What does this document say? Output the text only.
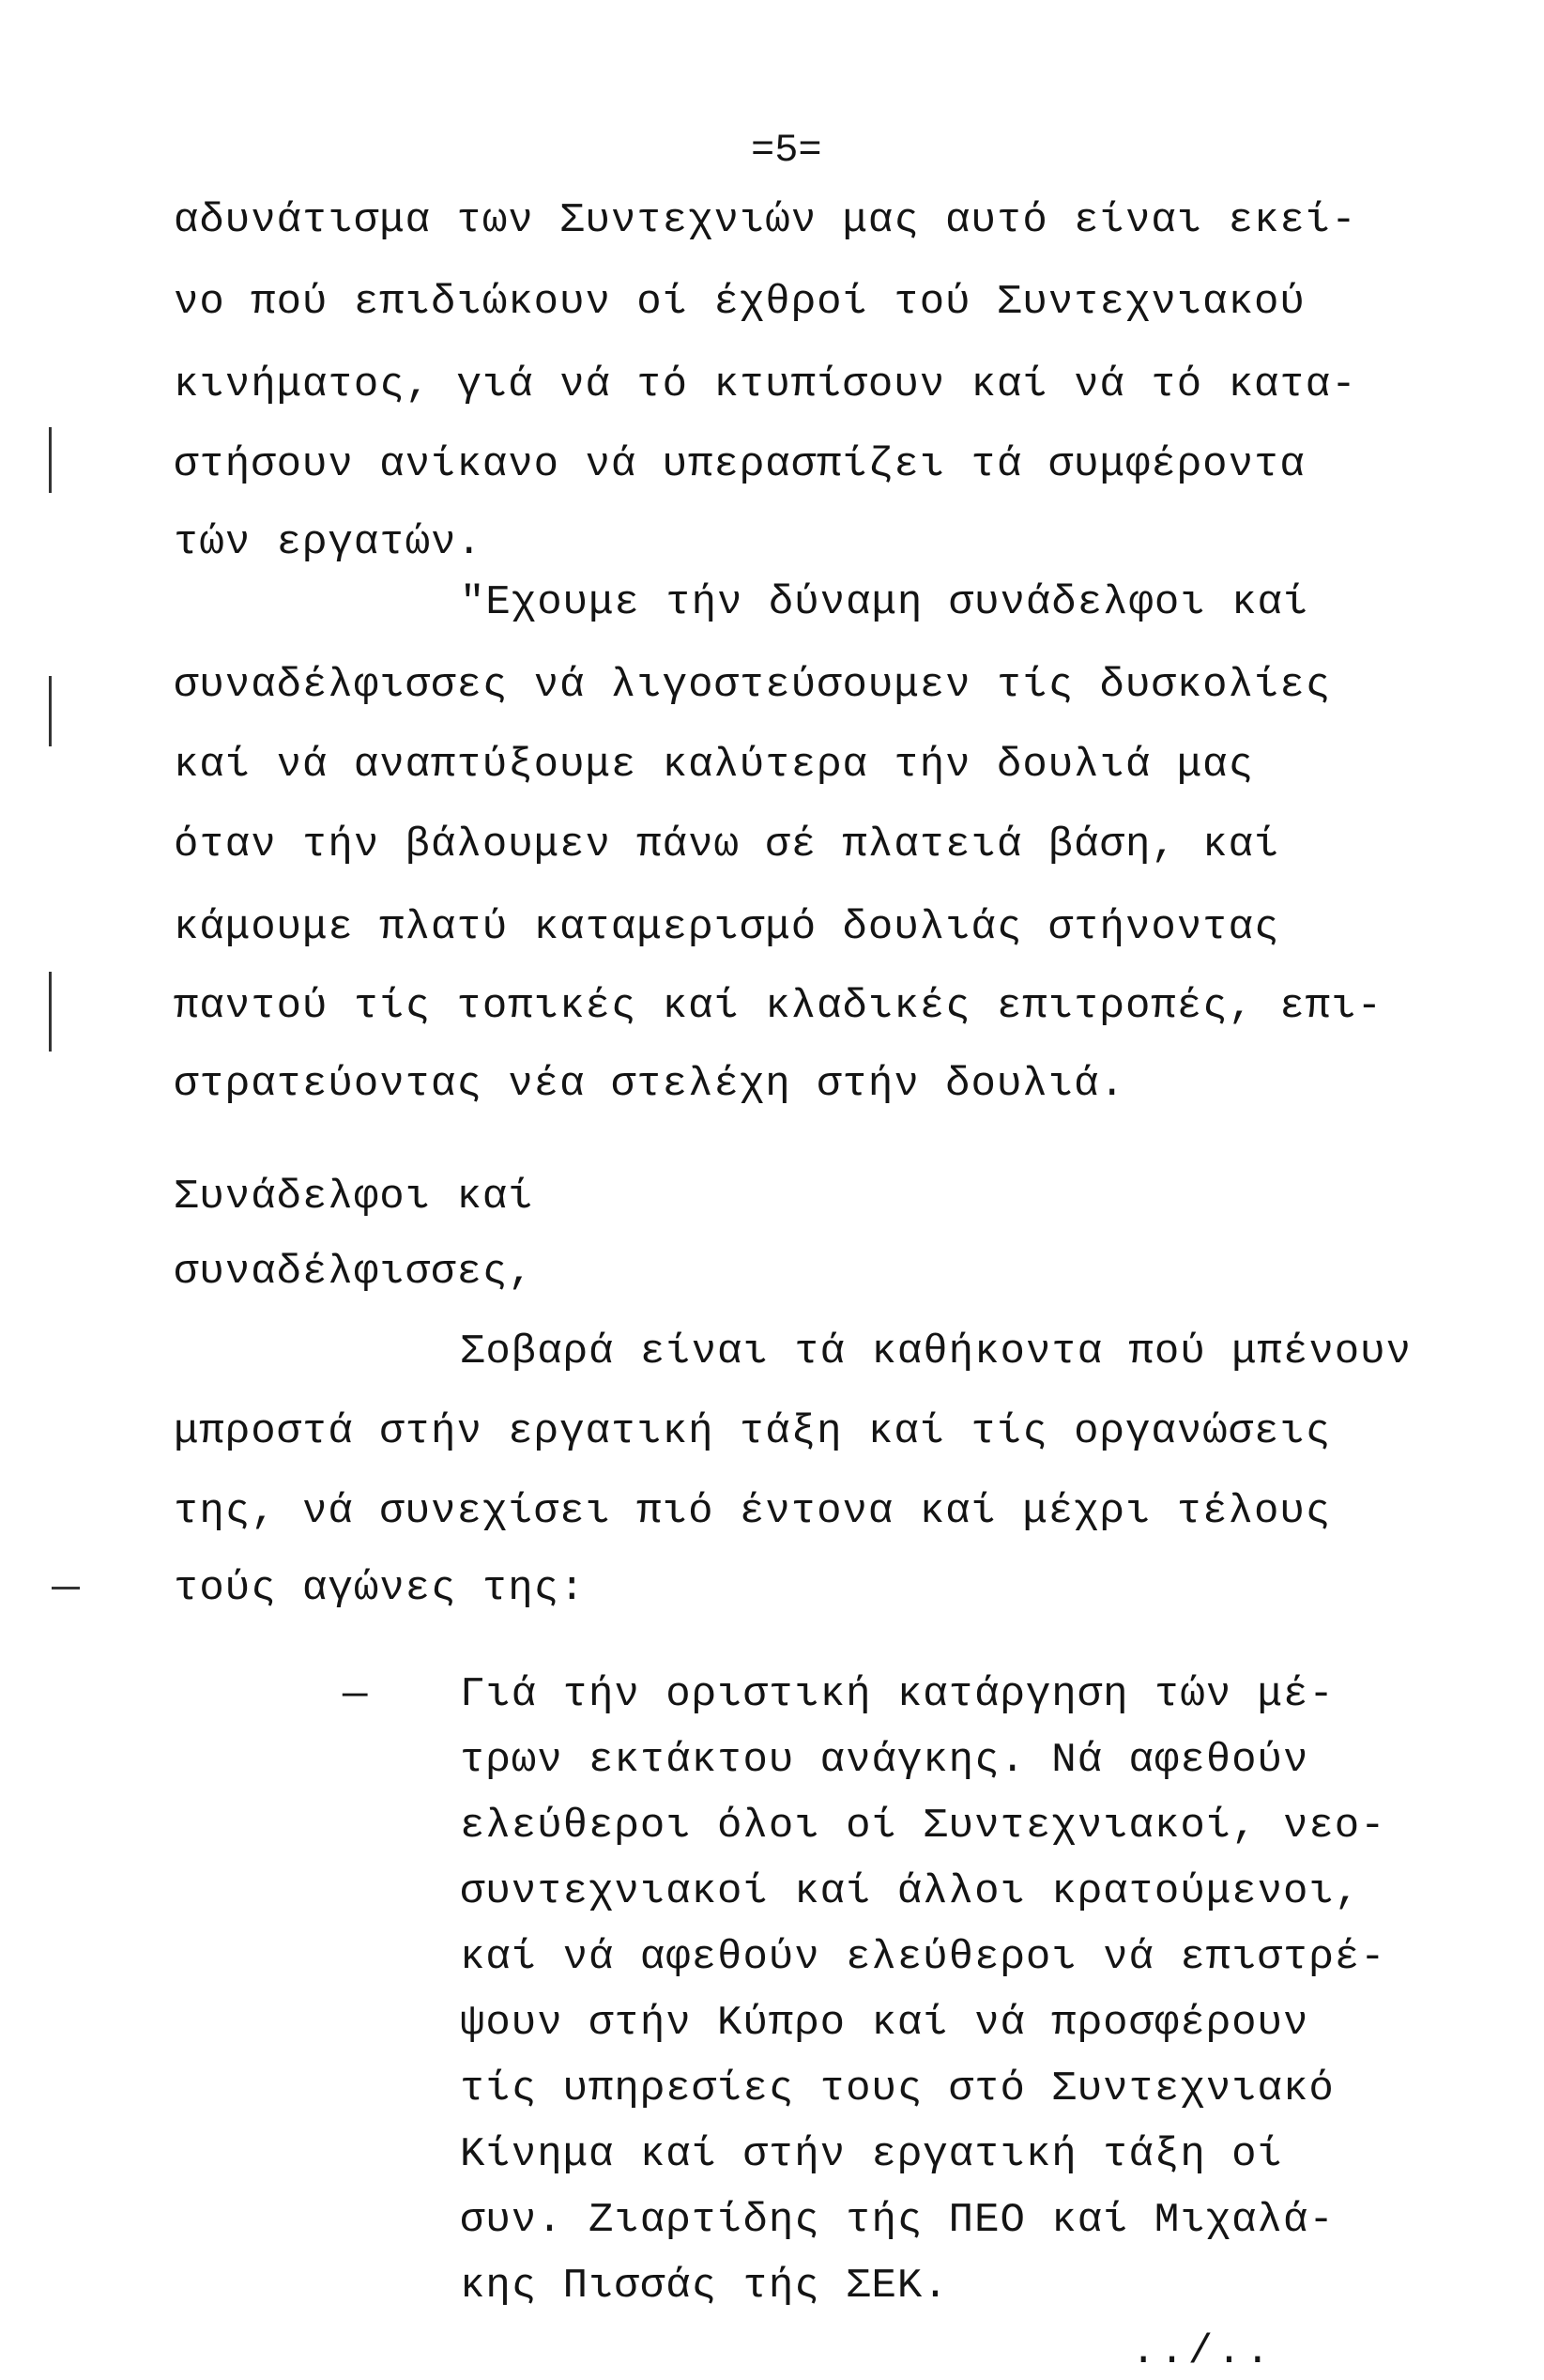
=5=
αδυνάτισμα των Συντεχνιών μας αυτό είναι εκεί-
νο πού επιδιώκουν οί έχθροί τού Συντεχνιακού
κινήματος, γιά νά τό κτυπίσουν καί νά τό κατα-
στήσουν ανίκανο νά υπερασπίζει τά συμφέροντα
τών εργατών.
"Εχουμε τήν δύναμη συνάδελφοι καί
συναδέλφισσες νά λιγοστεύσουμεν τίς δυσκολίες
καί νά αναπτύξουμε καλύτερα τήν δουλιά μας
όταν τήν βάλουμεν πάνω σέ πλατειά βάση, καί
κάμουμε πλατύ καταμερισμό δουλιάς στήνοντας
παντού τίς τοπικές καί κλαδικές επιτροπές, επι-
στρατεύοντας νέα στελέχη στήν δουλιά.
Συνάδελφοι καί
συναδέλφισσες,
Σοβαρά είναι τά καθήκοντα πού μπένουν
μπροστά στήν εργατική τάξη καί τίς οργανώσεις
της, νά συνεχίσει πιό έντονα καί μέχρι τέλους
τούς αγώνες της:
— Γιά τήν οριστική κατάργηση τών μέ-
τρων εκτάκτου ανάγκης. Νά αφεθούν
ελεύθεροι όλοι οί Συντεχνιακοί, νεο-
συντεχνιακοί καί άλλοι κρατούμενοι,
καί νά αφεθούν ελεύθεροι νά επιστρέ-
ψουν στήν Κύπρο καί νά προσφέρουν
τίς υπηρεσίες τους στό Συντεχνιακό
Κίνημα καί στήν εργατική τάξη οί
../..
συν. Ζιαρτίδης τής ΠΕΟ καί Μιχαλά-
κης Πισσάς τής ΣΕΚ.
